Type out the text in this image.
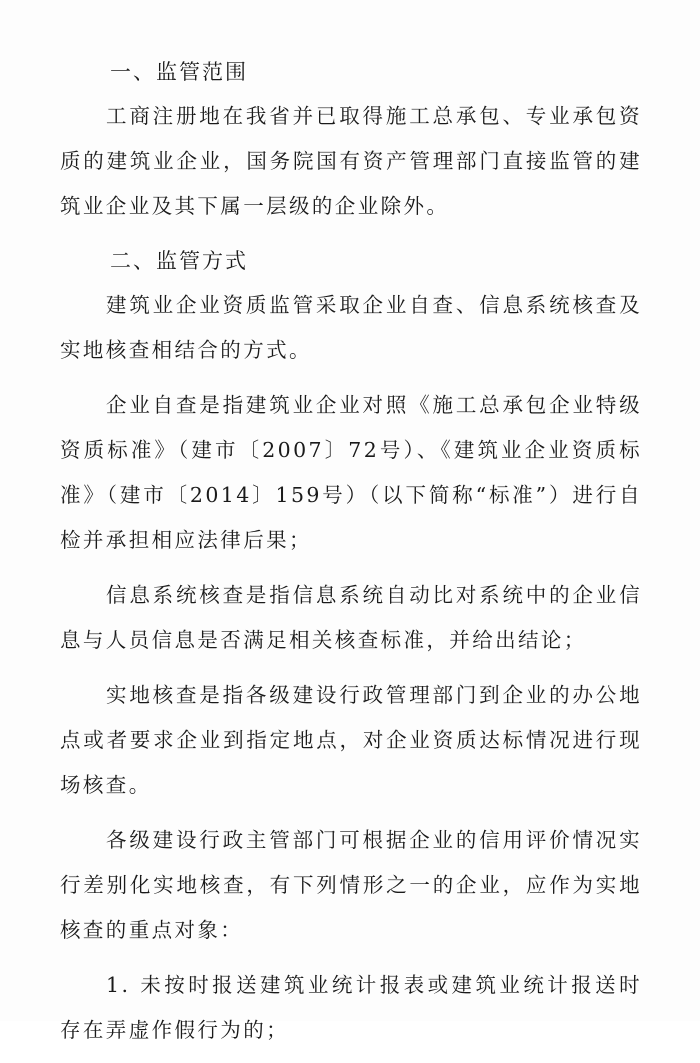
一、监管范围

工商注册地在我省并已取得施工总承包、专业承包资质的建筑业企业，国务院国有资产管理部门直接监管的建筑业企业及其下属一层级的企业除外。

二、监管方式

建筑业企业资质监管采取企业自查、信息系统核查及实地核查相结合的方式。

企业自查是指建筑业企业对照《施工总承包企业特级资质标准》（建市〔2007〕72号）、《建筑业企业资质标准》（建市〔2014〕159号）（以下简称“标准”）进行自检并承担相应法律后果；

信息系统核查是指信息系统自动比对系统中的企业信息与人员信息是否满足相关核查标准，并给出结论；

实地核查是指各级建设行政管理部门到企业的办公地点或者要求企业到指定地点，对企业资质达标情况进行现场核查。

各级建设行政主管部门可根据企业的信用评价情况实行差别化实地核查，有下列情形之一的企业，应作为实地核查的重点对象：

1. 未按时报送建筑业统计报表或建筑业统计报送时存在弄虚作假行为的；
